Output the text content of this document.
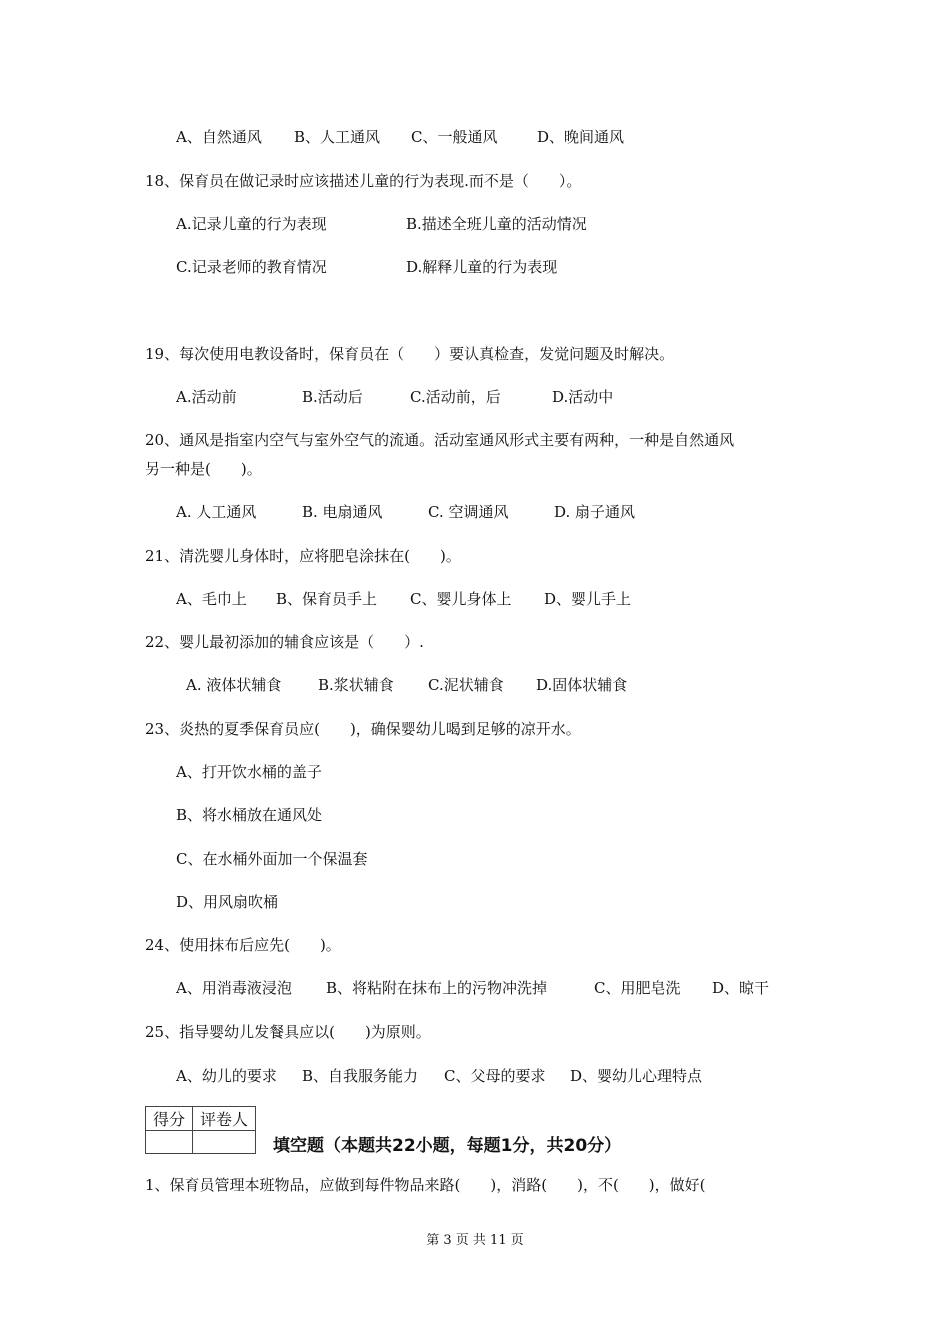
A、自然通风 B、人工通风 C、一般通风	D、晚间通风
18、保育员在做记录时应该描述儿童的行为表现.而不是（　　）。
A.记录儿童的行为表现	B.描述全班儿童的活动情况
C.记录老师的教育情况	D.解释儿童的行为表现
19、每次使用电教设备时，保育员在（　　）要认真检查，发觉问题及时解决。
A.活动前	B.活动后	C.活动前，后	D.活动中
20、通风是指室内空气与室外空气的流通。活动室通风形式主要有两种，一种是自然通风
另一种是(　　)。
A. 人工通风	B. 电扇通风	C. 空调通风	D. 扇子通风
21、清洗婴儿身体时，应将肥皂涂抹在(　　)。
A、毛巾上 B、保育员手上 C、婴儿身体上 D、婴儿手上
22、婴儿最初添加的辅食应该是（　　）.
A. 液体状辅食 B.浆状辅食 C.泥状辅食 D.固体状辅食
23、炎热的夏季保育员应(　　)，确保婴幼儿喝到足够的凉开水。
A、打开饮水桶的盖子
B、将水桶放在通风处
C、在水桶外面加一个保温套
D、用风扇吹桶
24、使用抹布后应先(　　)。
A、用消毒液浸泡 B、将粘附在抹布上的污物冲洗掉	C、用肥皂洗 D、晾干
25、指导婴幼儿发餐具应以(　　)为原则。
A、幼儿的要求 B、自我服务能力 C、父母的要求 D、婴幼儿心理特点
得分	评卷人

填空题（本题共22小题，每题1分，共20分）
1、保育员管理本班物品，应做到每件物品来路(　　)，消路(　　)，不(　　)，做好(
第 3 页 共 11 页
